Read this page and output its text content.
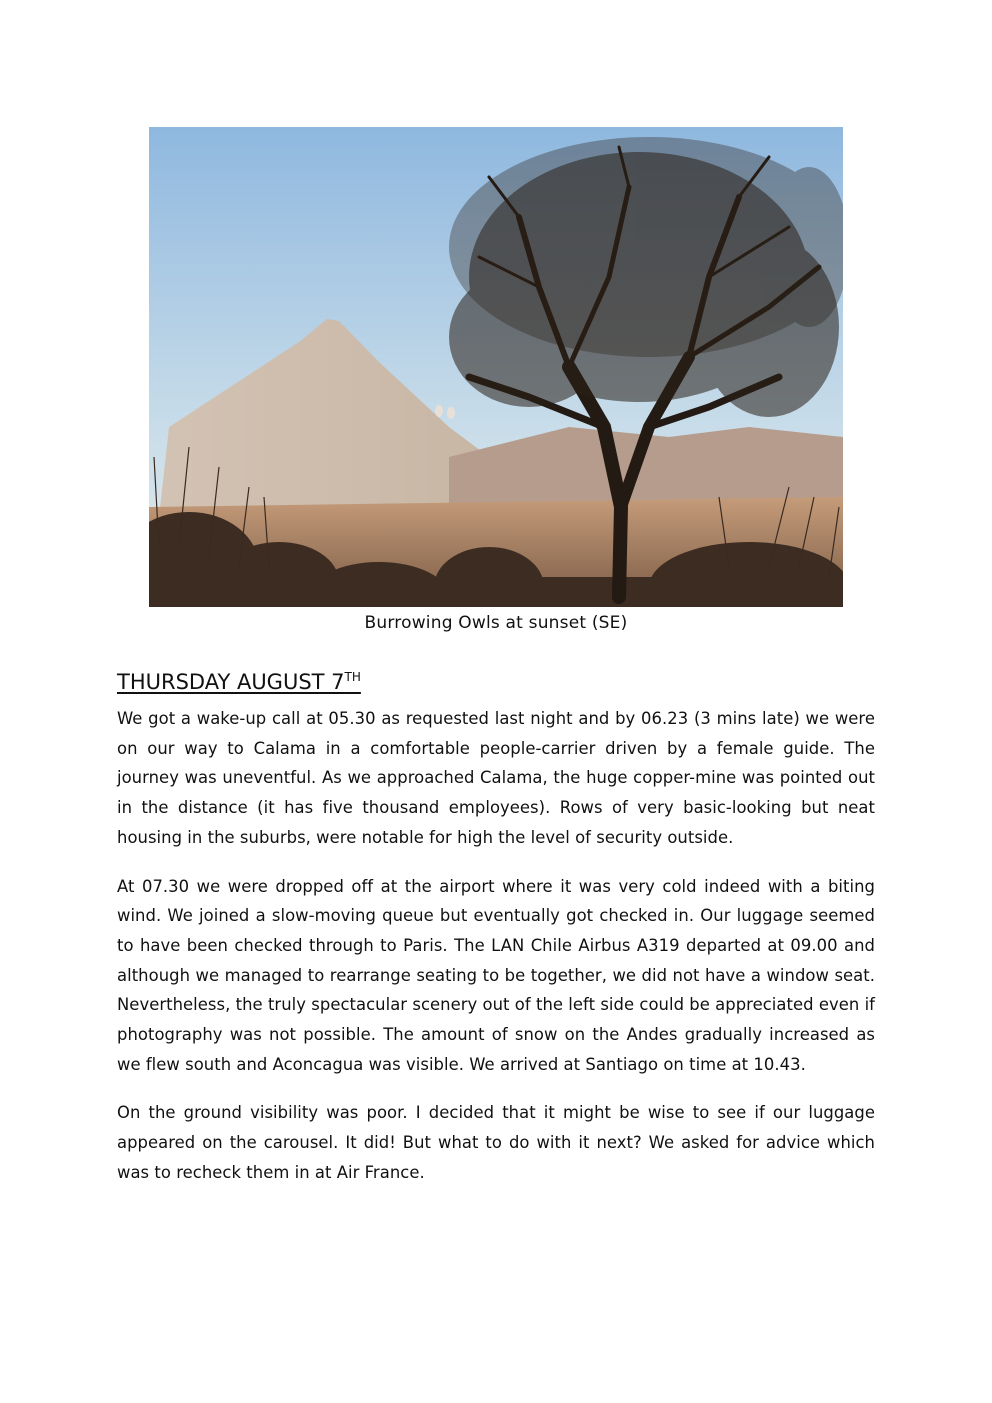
Burrowing Owls at sunset (SE)
THURSDAY AUGUST 7TH

We got a wake-up call at 05.30 as requested last night and by 06.23 (3 mins late) we were on our way to Calama in a comfortable people-carrier driven by a female guide. The journey was uneventful. As we approached Calama, the huge copper-mine was pointed out in the distance (it has five thousand employees). Rows of very basic-looking but neat housing in the suburbs, were notable for high the level of security outside.

At 07.30 we were dropped off at the airport where it was very cold indeed with a biting wind. We joined a slow-moving queue but eventually got checked in. Our luggage seemed to have been checked through to Paris. The LAN Chile Airbus A319 departed at 09.00 and although we managed to rearrange seating to be together, we did not have a window seat. Nevertheless, the truly spectacular scenery out of the left side could be appreciated even if photography was not possible. The amount of snow on the Andes gradually increased as we flew south and Aconcagua was visible. We arrived at Santiago on time at 10.43.

On the ground visibility was poor. I decided that it might be wise to see if our luggage appeared on the carousel. It did! But what to do with it next? We asked for advice which was to recheck them in at Air France.
